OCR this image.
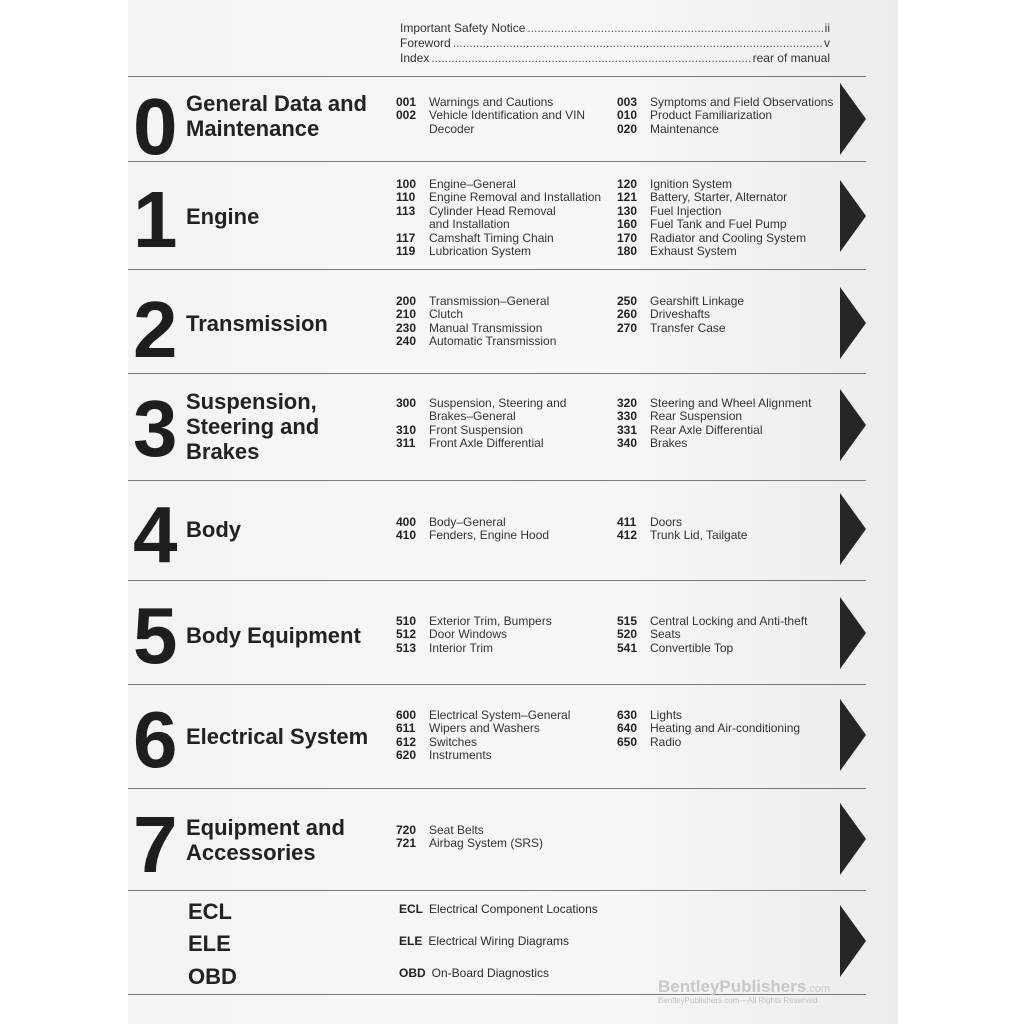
Important Safety Notice .....	ii
Foreword .....	v
Index .....	rear of manual
0 General Data and
Maintenance
001	Warnings and Cautions
002	Vehicle Identification and VIN
Decoder
003	Symptoms and Field Observations
010	Product Familiarization
020	Maintenance
1 Engine
100	Engine–General
110	Engine Removal and Installation
113	Cylinder Head Removal
and Installation
117	Camshaft Timing Chain
119	Lubrication System
120	Ignition System
121	Battery, Starter, Alternator
130	Fuel Injection
160	Fuel Tank and Fuel Pump
170	Radiator and Cooling System
180	Exhaust System
2 Transmission
200	Transmission–General
210	Clutch
230	Manual Transmission
240	Automatic Transmission
250	Gearshift Linkage
260	Driveshafts
270	Transfer Case
3 Suspension,
Steering and
Brakes
300	Suspension, Steering and
Brakes–General
310	Front Suspension
311	Front Axle Differential
320	Steering and Wheel Alignment
330	Rear Suspension
331	Rear Axle Differential
340	Brakes
4 Body	400	Body–General
410	Fenders, Engine Hood
411	Doors
412	Trunk Lid, Tailgate
5 Body Equipment
510	Exterior Trim, Bumpers
512	Door Windows
513	Interior Trim
515	Central Locking and Anti-theft
520	Seats
541	Convertible Top
6 Electrical System
600	Electrical System–General
611	Wipers and Washers
612	Switches
620	Instruments
630	Lights
640	Heating and Air-conditioning
650	Radio
7 Equipment and
Accessories
720	Seat Belts
721	Airbag System (SRS)
ECL	ECL Electrical Component Locations
ELE	ELE Electrical Wiring Diagrams
OBD	OBD On-Board Diagnostics
BentleyPublishers.com
BentleyPublishers.com—All Rights Reserved
